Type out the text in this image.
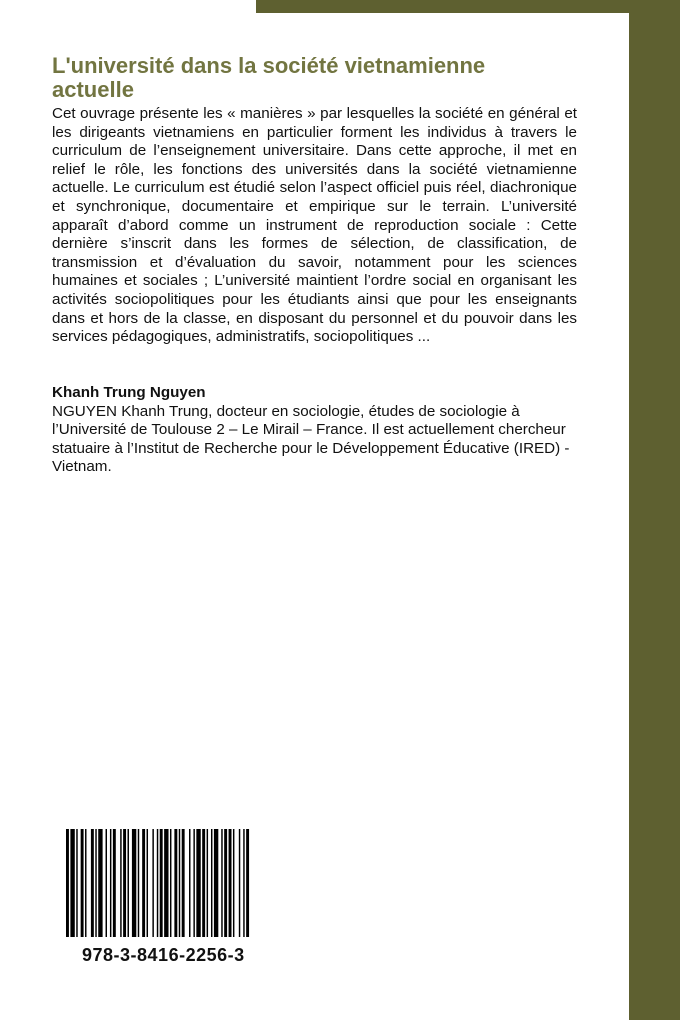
L'université dans la société vietnamienne actuelle

Cet ouvrage présente les « manières » par lesquelles la société en général et les dirigeants vietnamiens en particulier forment les individus à travers le curriculum de l’enseignement universitaire. Dans cette approche, il met en relief le rôle, les fonctions des universités dans la société vietnamienne actuelle. Le curriculum est étudié selon l’aspect officiel puis réel, diachronique et synchronique, documentaire et empirique sur le terrain. L’université apparaît d’abord comme un instrument de reproduction sociale : Cette dernière s’inscrit dans les formes de sélection, de classification, de transmission et d’évaluation du savoir, notamment pour les sciences humaines et sociales ; L’université maintient l’ordre social en organisant les activités sociopolitiques pour les étudiants ainsi que pour les enseignants dans et hors de la classe, en disposant du personnel et du pouvoir dans les services pédagogiques, administratifs, sociopolitiques ...

Khanh Trung Nguyen

NGUYEN Khanh Trung, docteur en sociologie, études de sociologie à l’Université de Toulouse 2 – Le Mirail – France. Il est actuellement chercheur statuaire à l’Institut de Recherche pour le Développement Éducative (IRED) - Vietnam.

978-3-8416-2256-3
